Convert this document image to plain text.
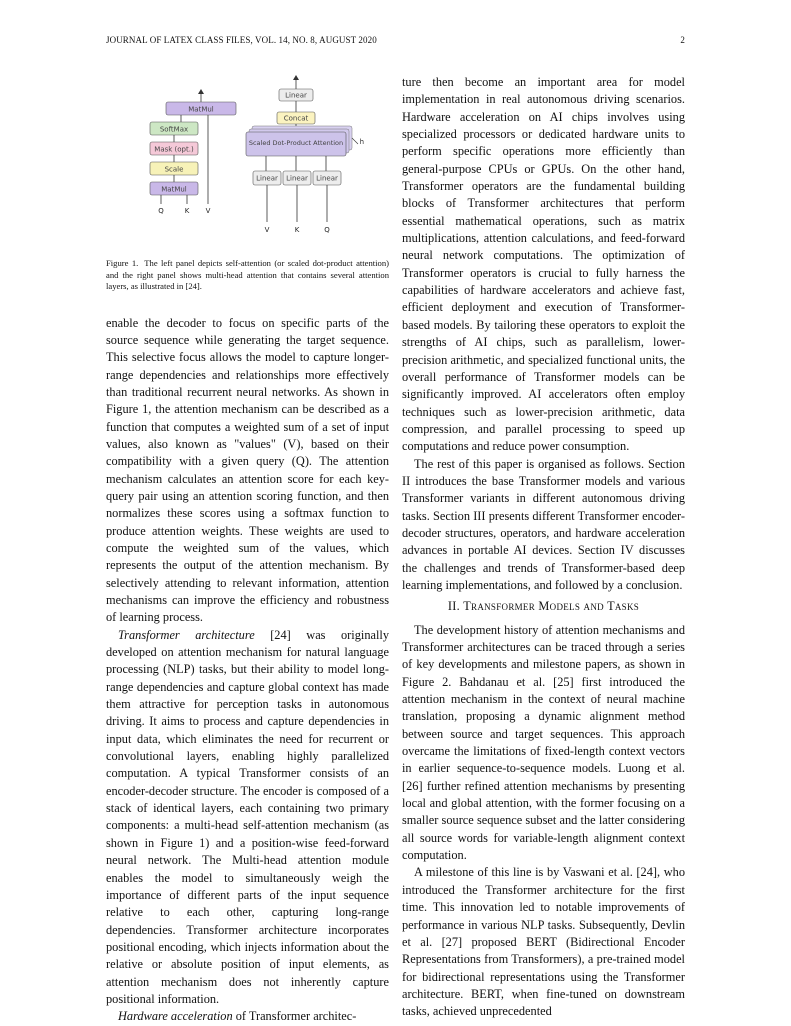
JOURNAL OF LATEX CLASS FILES, VOL. 14, NO. 8, AUGUST 2020	2
MatMul
SoftMax
Mask (opt.)
Scale
MatMul
Q	K V
Linear
Concat
Scaled Dot-Product Attention h
Linear Linear Linear
V	K	Q
Figure 1. The left panel depicts self-attention (or scaled dot-product attention) and the right panel shows multi-head attention that contains several attention layers, as illustrated in [24].

enable the decoder to focus on specific parts of the source sequence while generating the target sequence. This selective focus allows the model to capture longer-range dependencies and relationships more effectively than traditional recurrent neural networks. As shown in Figure 1, the attention mechanism can be described as a function that computes a weighted sum of a set of input values, also known as "values" (V), based on their compatibility with a given query (Q). The attention mechanism calculates an attention score for each key-query pair using an attention scoring function, and then normalizes these scores using a softmax function to produce attention weights. These weights are used to compute the weighted sum of the values, which represents the output of the attention mechanism. By selectively attending to relevant information, attention mechanisms can improve the efficiency and robustness of learning process.

Transformer architecture [24] was originally developed on attention mechanism for natural language processing (NLP) tasks, but their ability to model long-range dependencies and capture global context has made them attractive for perception tasks in autonomous driving. It aims to process and capture dependencies in input data, which eliminates the need for recurrent or convolutional layers, enabling highly parallelized computation. A typical Transformer consists of an encoder-decoder structure. The encoder is composed of a stack of identical layers, each containing two primary components: a multi-head self-attention mechanism (as shown in Figure 1) and a position-wise feed-forward neural network. The Multi-head attention module enables the model to simultaneously weigh the importance of different parts of the input sequence relative to each other, capturing long-range dependencies. Transformer architecture incorporates positional encoding, which injects information about the relative or absolute position of input elements, as attention mechanism does not inherently capture positional information.

Hardware acceleration of Transformer architec-

ture then become an important area for model implementation in real autonomous driving scenarios. Hardware acceleration on AI chips involves using specialized processors or dedicated hardware units to perform specific operations more efficiently than general-purpose CPUs or GPUs. On the other hand, Transformer operators are the fundamental building blocks of Transformer architectures that perform essential mathematical operations, such as matrix multiplications, attention calculations, and feed-forward neural network computations. The optimization of Transformer operators is crucial to fully harness the capabilities of hardware accelerators and achieve fast, efficient deployment and execution of Transformer-based models. By tailoring these operators to exploit the strengths of AI chips, such as parallelism, lower-precision arithmetic, and specialized functional units, the overall performance of Transformer models can be significantly improved. AI accelerators often employ techniques such as lower-precision arithmetic, data compression, and parallel processing to speed up computations and reduce power consumption.

The rest of this paper is organised as follows. Section II introduces the base Transformer models and various Transformer variants in different autonomous driving tasks. Section III presents different Transformer encoder-decoder structures, operators, and hardware acceleration advances in portable AI devices. Section IV discusses the challenges and trends of Transformer-based deep learning implementations, and followed by a conclusion.

II. Transformer Models and Tasks

The development history of attention mechanisms and Transformer architectures can be traced through a series of key developments and milestone papers, as shown in Figure 2. Bahdanau et al. [25] first introduced the attention mechanism in the context of neural machine translation, proposing a dynamic alignment method between source and target sequences. This approach overcame the limitations of fixed-length context vectors in earlier sequence-to-sequence models. Luong et al. [26] further refined attention mechanisms by presenting local and global attention, with the former focusing on a smaller source sequence subset and the latter considering all source words for variable-length alignment context computation.

A milestone of this line is by Vaswani et al. [24], who introduced the Transformer architecture for the first time. This innovation led to notable improvements of performance in various NLP tasks. Subsequently, Devlin et al. [27] proposed BERT (Bidirectional Encoder Representations from Transformers), a pre-trained model for bidirectional representations using the Transformer architecture. BERT, when fine-tuned on downstream tasks, achieved unprecedented
